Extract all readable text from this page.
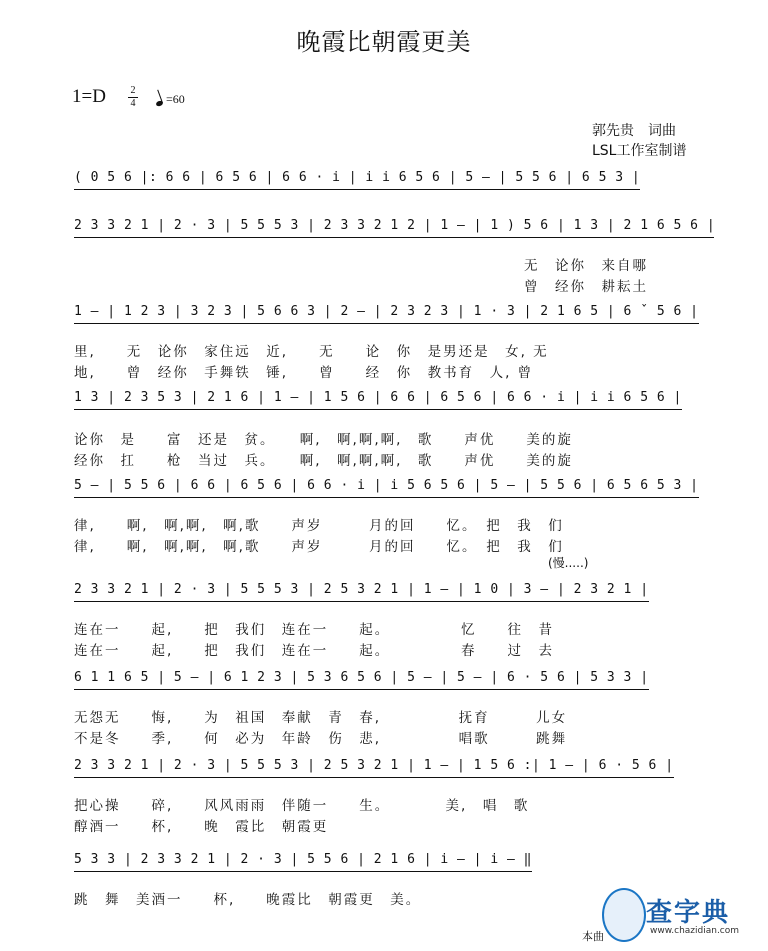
晚霞比朝霞更美
1=D 2
4	=60
郭先贵　词曲
LSL工作室制谱
( 0 5 6 |: 6 6 | 6 5 6 | 6 6 · i | i i 6 5 6 | 5 — | 5 5 6 | 6 5 3 |
2 3 3 2 1 | 2 · 3 | 5 5 5 3 | 2 3 3 2 1 2 | 1 — | 1 ) 5 6 | 1 3 | 2 1 6 5 6 |
无　论你　来自哪
曾　经你　耕耘土
1 — | 1 2 3 | 3 2 3 | 5 6 6 3 | 2 — | 2 3 2 3 | 1 · 3 | 2 1 6 5 | 6 ˇ 5 6 |
里,　　无　论你　家住远　近,　　无　　论　你　是男还是　女, 无
地,　　曾　经你　手舞铁　锤,　　曾　　经　你　教书育　人, 曾
1 3 | 2 3 5 3 | 2 1 6 | 1 — | 1 5 6 | 6 6 | 6 5 6 | 6 6 · i | i i 6 5 6 |
论你　是　　富　还是　贫。　　啊,　啊,啊,啊,　歌　　声优　　美的旋
经你　扛　　枪　当过　兵。　　啊,　啊,啊,啊,　歌　　声优　　美的旋
5 — | 5 5 6 | 6 6 | 6 5 6 | 6 6 · i | i 5 6 5 6 | 5 — | 5 5 6 | 6 5 6 5 3 |
律,　　啊,　啊,啊,　啊,歌　　声岁　　　月的回　　忆。　把　我　们
律,　　啊,　啊,啊,　啊,歌　　声岁　　　月的回　　忆。　把　我　们
(慢.....)
2 3 3 2 1 | 2 · 3 | 5 5 5 3 | 2 5 3 2 1 | 1 — | 1 0 | 3 — | 2 3 2 1 |
连在一　　起,　　把　我们　连在一　　起。　　　　　忆　　往　昔
连在一　　起,　　把　我们　连在一　　起。　　　　　春　　过　去
6 1 1 6 5 | 5 — | 6 1 2 3 | 5 3 6 5 6 | 5 — | 5 — | 6 · 5 6 | 5 3 3 |
无怨无　　悔,　　为　祖国　奉献　青　春,　　　　　抚育　　　儿女
不是冬　　季,　　何　必为　年龄　伤　悲,　　　　　唱歌　　　跳舞
2 3 3 2 1 | 2 · 3 | 5 5 5 3 | 2 5 3 2 1 | 1 — | 1 5 6 :| 1 — | 6 · 5 6 |
把心操　　碎,　　风风雨雨　伴随一　　生。　　　　美,　唱　歌
醇酒一　　杯,　　晚　霞比　朝霞更
5 3 3 | 2 3 3 2 1 | 2 · 3 | 5 5 6 | 2 1 6 | i — | i — ‖
跳　舞　美酒一　　杯,　　晚霞比　朝霞更　美。
本曲
查字典
www.chazidian.com
